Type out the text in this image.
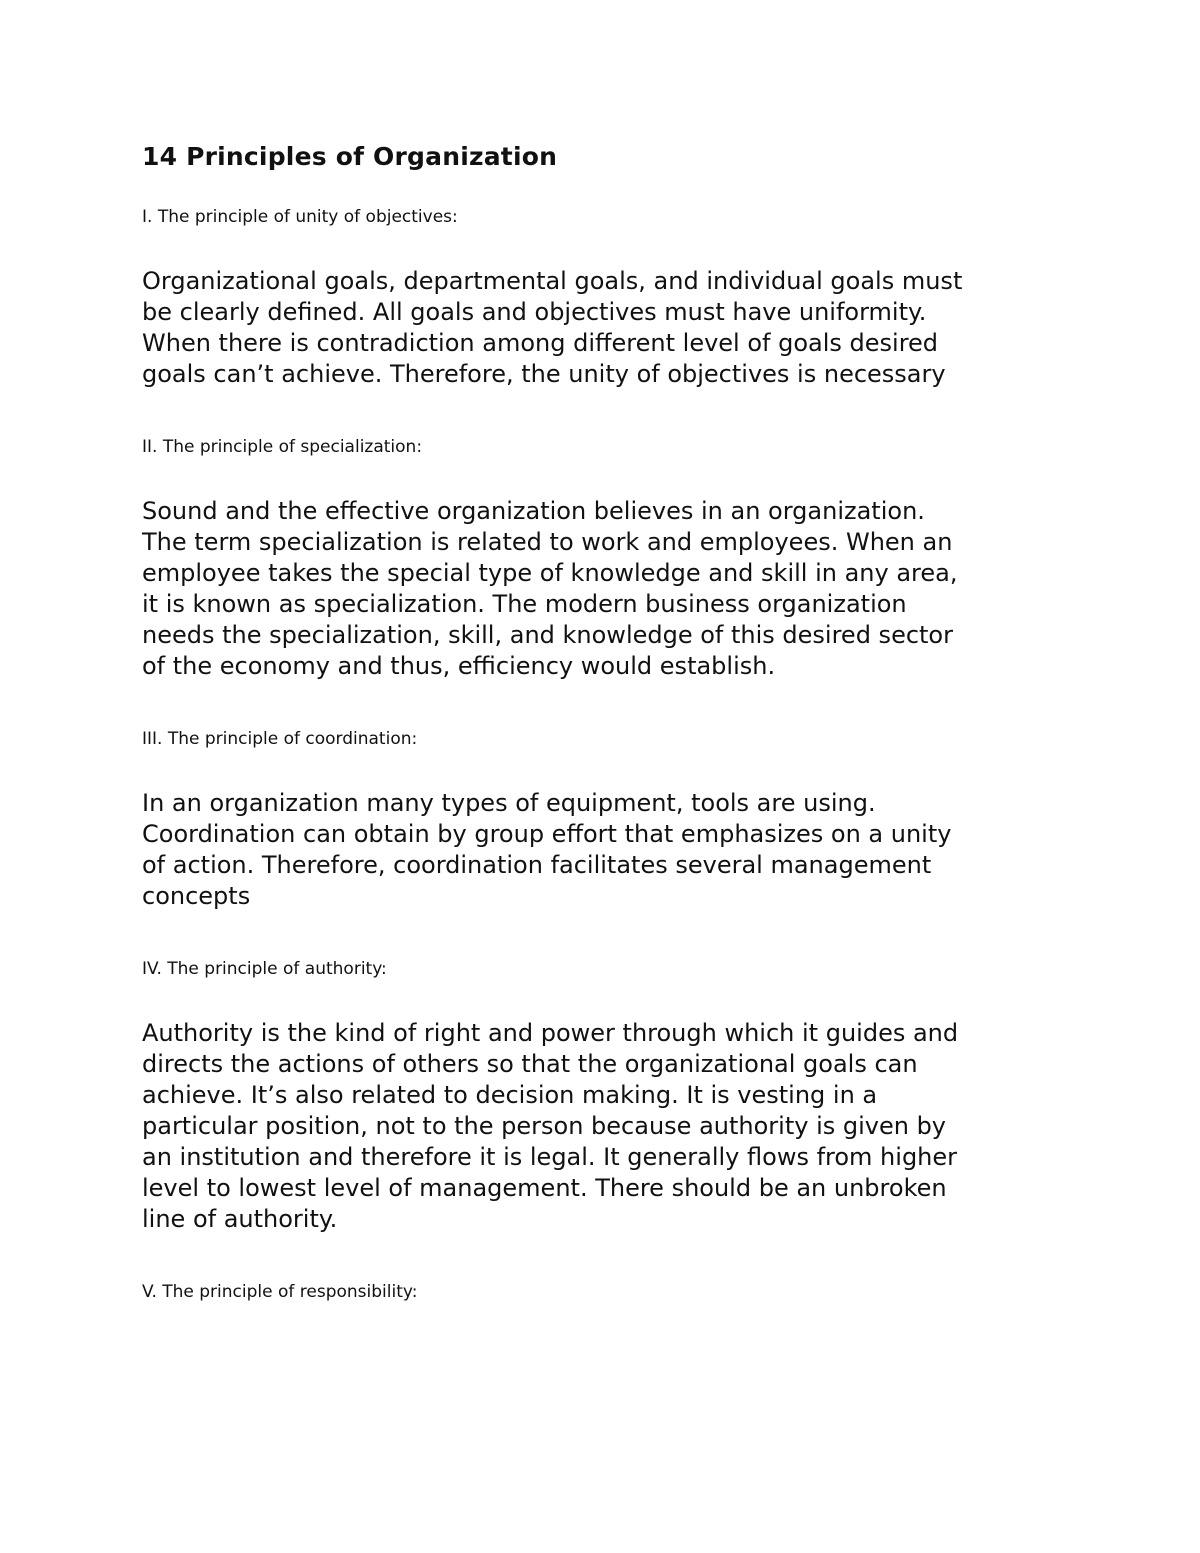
14 Principles of Organization

I. The principle of unity of objectives:

Organizational goals, departmental goals, and individual goals must
be clearly defined. All goals and objectives must have uniformity.
When there is contradiction among different level of goals desired
goals can’t achieve. Therefore, the unity of objectives is necessary

II. The principle of specialization:

Sound and the effective organization believes in an organization.
The term specialization is related to work and employees. When an
employee takes the special type of knowledge and skill in any area,
it is known as specialization. The modern business organization
needs the specialization, skill, and knowledge of this desired sector
of the economy and thus, efficiency would establish.

III. The principle of coordination:

In an organization many types of equipment, tools are using.
Coordination can obtain by group effort that emphasizes on a unity
of action. Therefore, coordination facilitates several management
concepts

IV. The principle of authority:

Authority is the kind of right and power through which it guides and
directs the actions of others so that the organizational goals can
achieve. It’s also related to decision making. It is vesting in a
particular position, not to the person because authority is given by
an institution and therefore it is legal. It generally flows from higher
level to lowest level of management. There should be an unbroken
line of authority.

V. The principle of responsibility:
